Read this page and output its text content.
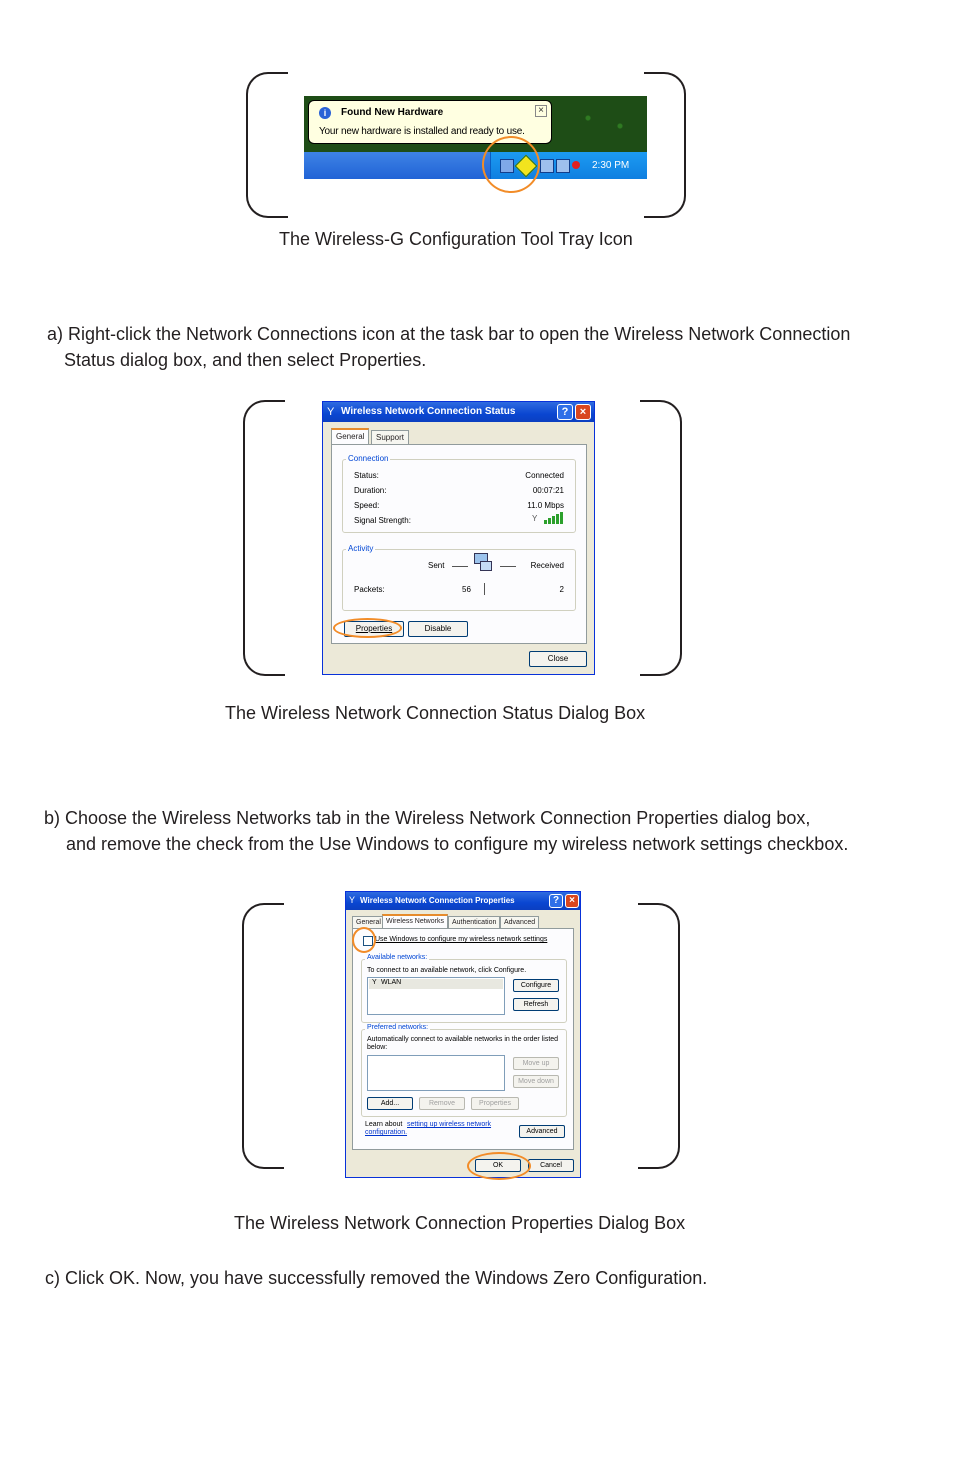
i	Found New Hardware
Your new hardware is installed and ready to use.
×
2:30 PM
The Wireless-G Configuration Tool Tray Icon
a) Right-click the Network Connections icon at the task bar to open the Wireless Network Connection
Status dialog box, and then select Properties.
Wireless Network Connection Status
Y	?	×
General	Support
Connection
Status:	Connected
Duration:	00:07:21
Speed:	11.0 Mbps
Signal Strength:	Y
Activity
Sent	Received
Packets:	56	2
Properties	Disable
Close
The Wireless Network Connection Status Dialog Box
b) Choose the Wireless Networks tab in the Wireless Network Connection Properties dialog box,
and remove the check from the Use Windows to configure my wireless network settings checkbox.
Wireless Network Connection Properties
Y	?	×
General Wireless Networks	Authentication	Advanced
Use Windows to configure my wireless network settings
Available networks:
To connect to an available network, click Configure.
Y WLAN	Configure
Refresh
Preferred networks:
Automatically connect to available networks in the order listed
below:
Move up
Move down
Add...	Remove	Properties
Learn about setting up wireless network
configuration.	Advanced
OK	Cancel
The Wireless Network Connection Properties Dialog Box
c) Click OK. Now, you have successfully removed the Windows Zero Configuration.
